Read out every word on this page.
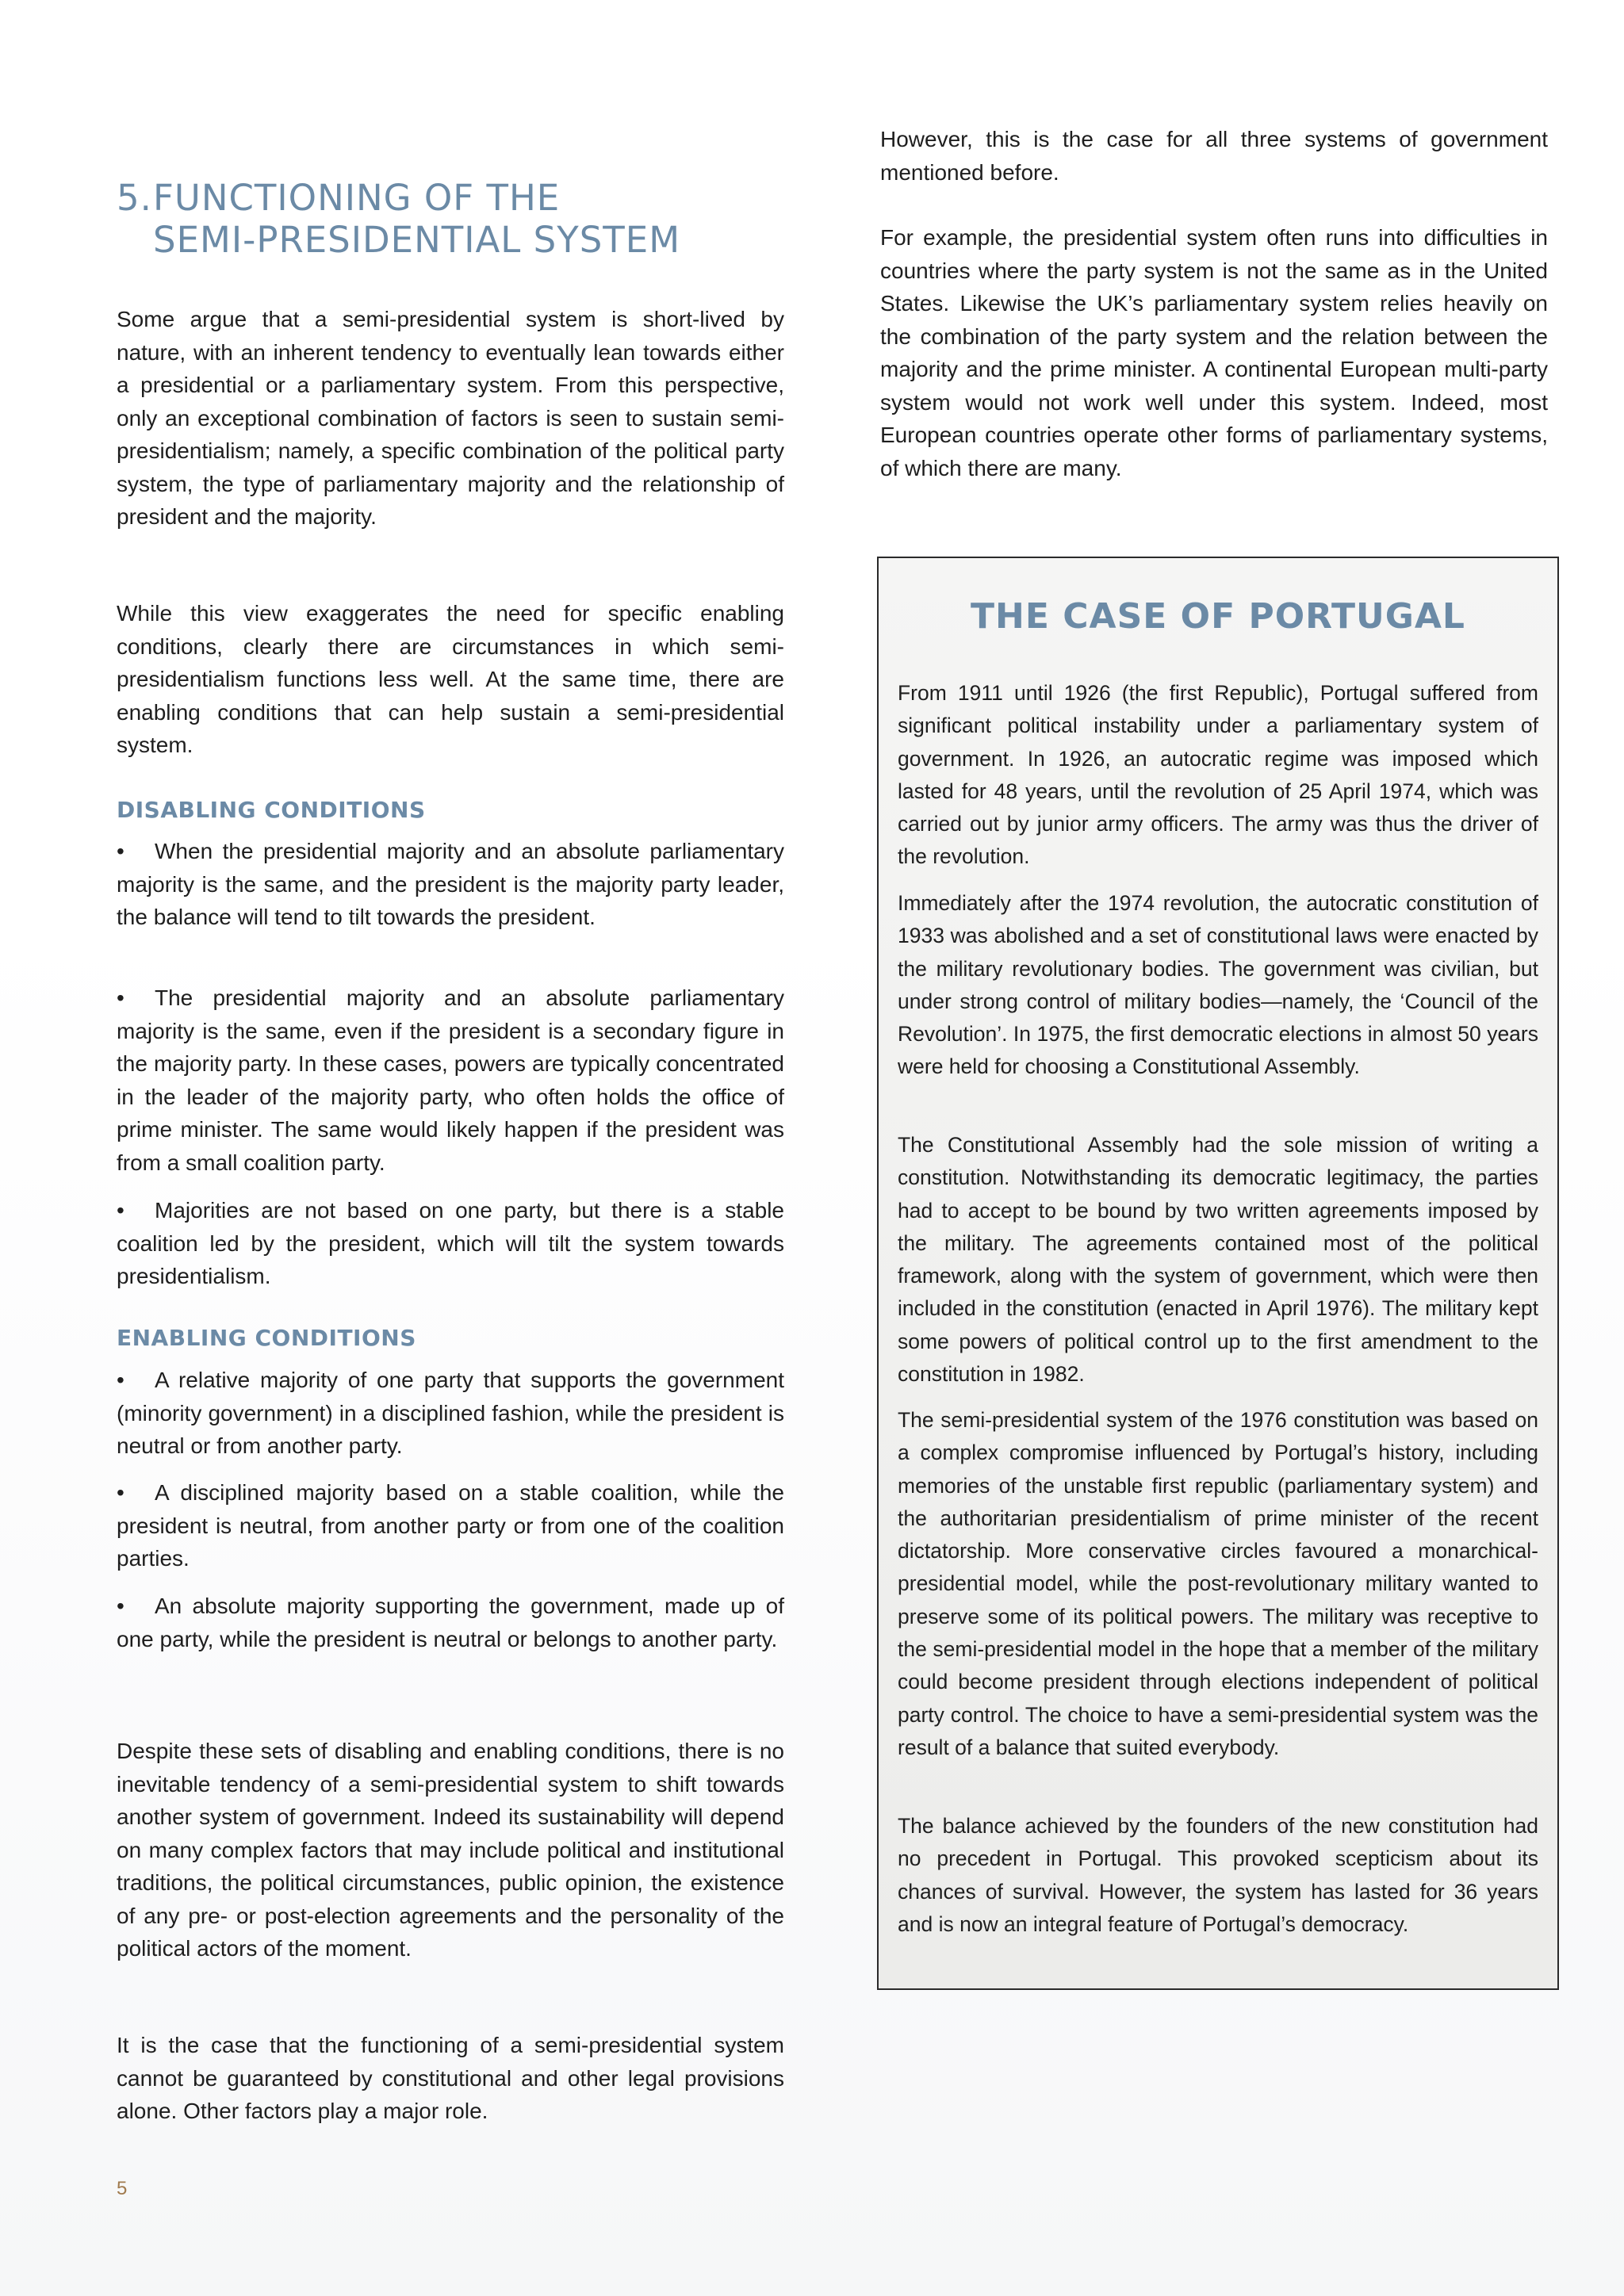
5.FUNCTIONING OF THE
SEMI-PRESIDENTIAL SYSTEM

Some argue that a semi-presidential system is short-lived by nature, with an inherent tendency to eventually lean towards either a presidential or a parliamentary system. From this perspective, only an exceptional combination of factors is seen to sustain semi-presidentialism; namely, a specific combination of the political party system, the type of parliamentary majority and the relationship of president and the majority.

While this view exaggerates the need for specific enabling conditions, clearly there are circumstances in which semi-presidentialism functions less well. At the same time, there are enabling conditions that can help sustain a semi-presidential system.

DISABLING CONDITIONS

• When the presidential majority and an absolute parliamentary majority is the same, and the president is the majority party leader, the balance will tend to tilt towards the president.

• The presidential majority and an absolute parliamentary majority is the same, even if the president is a secondary figure in the majority party. In these cases, powers are typically concentrated in the leader of the majority party, who often holds the office of prime minister. The same would likely happen if the president was from a small coalition party.

• Majorities are not based on one party, but there is a stable coalition led by the president, which will tilt the system towards presidentialism.

ENABLING CONDITIONS

• A relative majority of one party that supports the government (minority government) in a disciplined fashion, while the president is neutral or from another party.

• A disciplined majority based on a stable coalition, while the president is neutral, from another party or from one of the coalition parties.

• An absolute majority supporting the government, made up of one party, while the president is neutral or belongs to another party.

Despite these sets of disabling and enabling conditions, there is no inevitable tendency of a semi-presidential system to shift towards another system of government. Indeed its sustainability will depend on many complex factors that may include political and institutional traditions, the political circumstances, public opinion, the existence of any pre- or post-election agreements and the personality of the political actors of the moment.

It is the case that the functioning of a semi-presidential system cannot be guaranteed by constitutional and other legal provisions alone. Other factors play a major role.

However, this is the case for all three systems of government mentioned before.

For example, the presidential system often runs into difficulties in countries where the party system is not the same as in the United States. Likewise the UK’s parliamentary system relies heavily on the combination of the party system and the relation between the majority and the prime minister. A continental European multi-party system would not work well under this system. Indeed, most European countries operate other forms of parliamentary systems, of which there are many.

THE CASE OF PORTUGAL

From 1911 until 1926 (the first Republic), Portugal suffered from significant political instability under a parliamentary system of government. In 1926, an autocratic regime was imposed which lasted for 48 years, until the revolution of 25 April 1974, which was carried out by junior army officers. The army was thus the driver of the revolution.

Immediately after the 1974 revolution, the autocratic constitution of 1933 was abolished and a set of constitutional laws were enacted by the military revolutionary bodies. The government was civilian, but under strong control of military bodies—namely, the ‘Council of the Revolution’. In 1975, the first democratic elections in almost 50 years were held for choosing a Constitutional Assembly.

The Constitutional Assembly had the sole mission of writing a constitution. Notwithstanding its democratic legitimacy, the parties had to accept to be bound by two written agreements imposed by the military. The agreements contained most of the political framework, along with the system of government, which were then included in the constitution (enacted in April 1976). The military kept some powers of political control up to the first amendment to the constitution in 1982.

The semi-presidential system of the 1976 constitution was based on a complex compromise influenced by Portugal’s history, including memories of the unstable first republic (parliamentary system) and the authoritarian presidentialism of prime minister of the recent dictatorship. More conservative circles favoured a monarchical-presidential model, while the post-revolutionary military wanted to preserve some of its political powers. The military was receptive to the semi-presidential model in the hope that a member of the military could become president through elections independent of political party control. The choice to have a semi-presidential system was the result of a balance that suited everybody.

The balance achieved by the founders of the new constitution had no precedent in Portugal. This provoked scepticism about its chances of survival. However, the system has lasted for 36 years and is now an integral feature of Portugal’s democracy.

5
